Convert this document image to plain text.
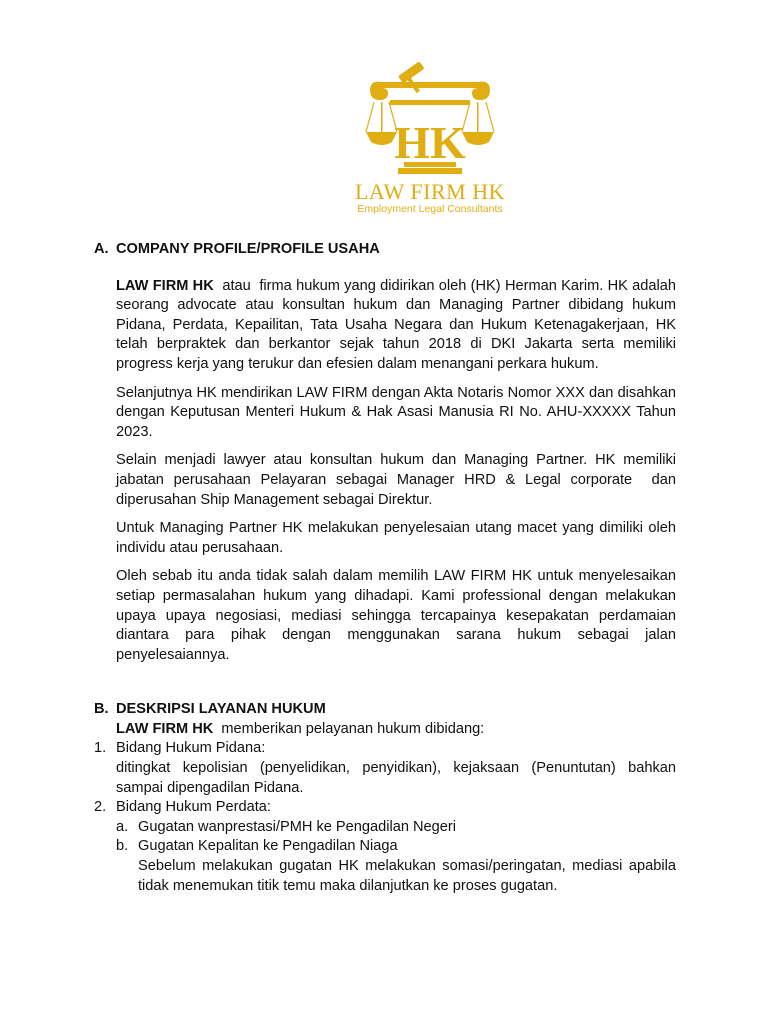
HK
LAW FIRM HK
Employment Legal Consultants

A. COMPANY PROFILE/PROFILE USAHA

LAW FIRM HK  atau  firma hukum yang didirikan oleh (HK) Herman Karim. HK adalah seorang advocate atau konsultan hukum dan Managing Partner dibidang hukum Pidana, Perdata, Kepailitan, Tata Usaha Negara dan Hukum Ketenagakerjaan, HK telah berpraktek dan berkantor sejak tahun 2018 di DKI Jakarta serta memiliki progress kerja yang terukur dan efesien dalam menangani perkara hukum.

Selanjutnya HK mendirikan LAW FIRM dengan Akta Notaris Nomor XXX dan disahkan dengan Keputusan Menteri Hukum & Hak Asasi Manusia RI No. AHU-XXXXX Tahun 2023.

Selain menjadi lawyer atau konsultan hukum dan Managing Partner. HK memiliki jabatan perusahaan Pelayaran sebagai Manager HRD & Legal corporate  dan diperusahan Ship Management sebagai Direktur.

Untuk Managing Partner HK melakukan penyelesaian utang macet yang dimiliki oleh individu atau perusahaan.

Oleh sebab itu anda tidak salah dalam memilih LAW FIRM HK untuk menyelesaikan setiap permasalahan hukum yang dihadapi. Kami professional dengan melakukan upaya upaya negosiasi, mediasi sehingga tercapainya kesepakatan perdamaian diantara para pihak dengan menggunakan sarana hukum sebagai jalan penyelesaiannya.

B. DESKRIPSI LAYANAN HUKUM

LAW FIRM HK  memberikan pelayanan hukum dibidang:

1. Bidang Hukum Pidana:

ditingkat kepolisian (penyelidikan, penyidikan), kejaksaan (Penuntutan) bahkan sampai dipengadilan Pidana.

2. Bidang Hukum Perdata:
a. Gugatan wanprestasi/PMH ke Pengadilan Negeri
b. Gugatan Kepalitan ke Pengadilan Niaga

Sebelum melakukan gugatan HK melakukan somasi/peringatan, mediasi apabila tidak menemukan titik temu maka dilanjutkan ke proses gugatan.
